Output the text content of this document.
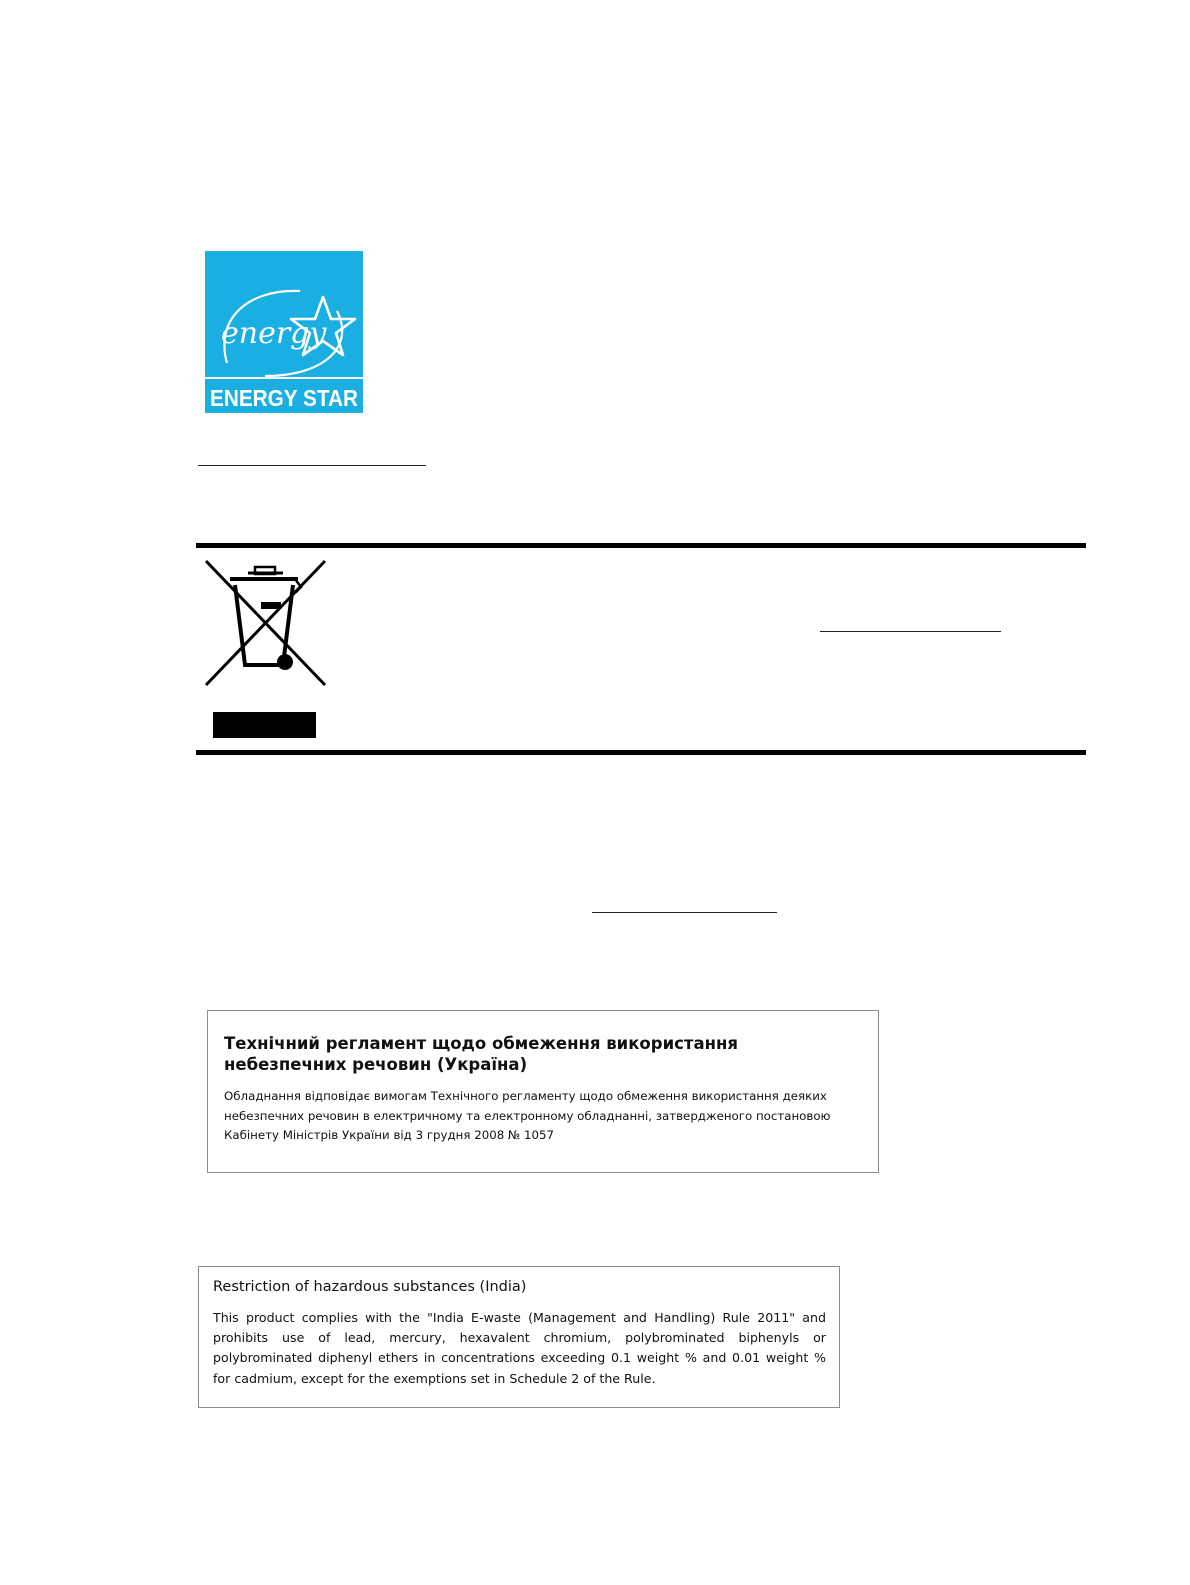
energy
ENERGY STAR

Технічний регламент щодо обмеження використання небезпечних речовин (Україна)

Обладнання відповідає вимогам Технічного регламенту щодо обмеження використання деяких небезпечних речовин в електричному та електронному обладнанні, затвердженого постановою Кабінету Міністрів України від 3 грудня 2008 № 1057

Restriction of hazardous substances (India)

This product complies with the "India E-waste (Management and Handling) Rule 2011" and prohibits use of lead, mercury, hexavalent chromium, polybrominated biphenyls or polybrominated diphenyl ethers in concentrations exceeding 0.1 weight % and 0.01 weight % for cadmium, except for the exemptions set in Schedule 2 of the Rule.
